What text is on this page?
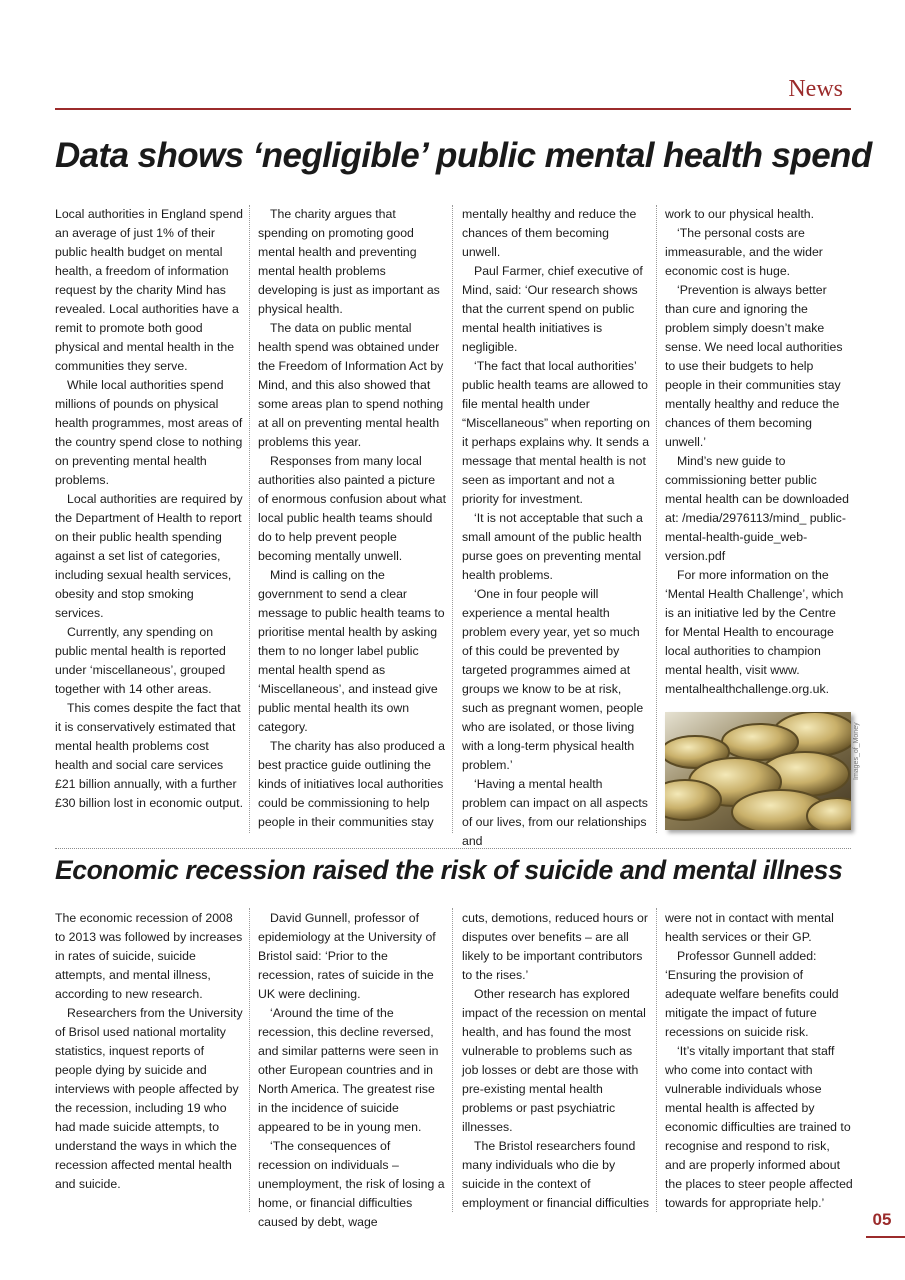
News
Data shows ‘negligible’ public mental health spend

Local authorities in England spend an average of just 1% of their public health budget on mental health, a freedom of information request by the charity Mind has revealed. Local authorities have a remit to promote both good physical and mental health in the communities they serve.

While local authorities spend millions of pounds on physical health programmes, most areas of the country spend close to nothing on preventing mental health problems.

Local authorities are required by the Department of Health to report on their public health spending against a set list of categories, including sexual health services, obesity and stop smoking services.

Currently, any spending on public mental health is reported under ‘miscellaneous’, grouped together with 14 other areas.

This comes despite the fact that it is conservatively estimated that mental health problems cost health and social care services £21 billion annually, with a further £30 billion lost in economic output.

The charity argues that spending on promoting good mental health and preventing mental health problems developing is just as important as physical health.

The data on public mental health spend was obtained under the Freedom of Information Act by Mind, and this also showed that some areas plan to spend nothing at all on preventing mental health problems this year.

Responses from many local authorities also painted a picture of enormous confusion about what local public health teams should do to help prevent people becoming mentally unwell.

Mind is calling on the government to send a clear message to public health teams to prioritise mental health by asking them to no longer label public mental health spend as ‘Miscellaneous’, and instead give public mental health its own category.

The charity has also produced a best practice guide outlining the kinds of initiatives local authorities could be commissioning to help people in their communities stay

mentally healthy and reduce the chances of them becoming unwell.

Paul Farmer, chief executive of Mind, said: ‘Our research shows that the current spend on public mental health initiatives is negligible.

‘The fact that local authorities’ public health teams are allowed to file mental health under “Miscellaneous” when reporting on it perhaps explains why. It sends a message that mental health is not seen as important and not a priority for investment.

‘It is not acceptable that such a small amount of the public health purse goes on preventing mental health problems.

‘One in four people will experience a mental health problem every year, yet so much of this could be prevented by targeted programmes aimed at groups we know to be at risk, such as pregnant women, people who are isolated, or those living with a long-term physical health problem.’

‘Having a mental health problem can impact on all aspects of our lives, from our relationships and

work to our physical health.

‘The personal costs are immeasurable, and the wider economic cost is huge.

‘Prevention is always better than cure and ignoring the problem simply doesn’t make sense. We need local authorities to use their budgets to help people in their communities stay mentally healthy and reduce the chances of them becoming unwell.’

Mind’s new guide to commissioning better public mental health can be downloaded at: /media/2976113/mind_ public-mental-health-guide_web-version.pdf

For more information on the ‘Mental Health Challenge’, which is an initiative led by the Centre for Mental Health to encourage local authorities to champion mental health, visit www. mentalhealthchallenge.org.uk.

Images_of_Money
Economic recession raised the risk of suicide and mental illness

The economic recession of 2008 to 2013 was followed by increases in rates of suicide, suicide attempts, and mental illness, according to new research.

Researchers from the University of Brisol used national mortality statistics, inquest reports of people dying by suicide and interviews with people affected by the recession, including 19 who had made suicide attempts, to understand the ways in which the recession affected mental health and suicide.

David Gunnell, professor of epidemiology at the University of Bristol said: ‘Prior to the recession, rates of suicide in the UK were declining.

‘Around the time of the recession, this decline reversed, and similar patterns were seen in other European countries and in North America. The greatest rise in the incidence of suicide appeared to be in young men.

‘The consequences of recession on individuals – unemployment, the risk of losing a home, or financial difficulties caused by debt, wage

cuts, demotions, reduced hours or disputes over benefits – are all likely to be important contributors to the rises.’

Other research has explored impact of the recession on mental health, and has found the most vulnerable to problems such as job losses or debt are those with pre-existing mental health problems or past psychiatric illnesses.

The Bristol researchers found many individuals who die by suicide in the context of employment or financial difficulties

were not in contact with mental health services or their GP.

Professor Gunnell added: ‘Ensuring the provision of adequate welfare benefits could mitigate the impact of future recessions on suicide risk.

‘It’s vitally important that staff who come into contact with vulnerable individuals whose mental health is affected by economic difficulties are trained to recognise and respond to risk, and are properly informed about the places to steer people affected towards for appropriate help.’

05
